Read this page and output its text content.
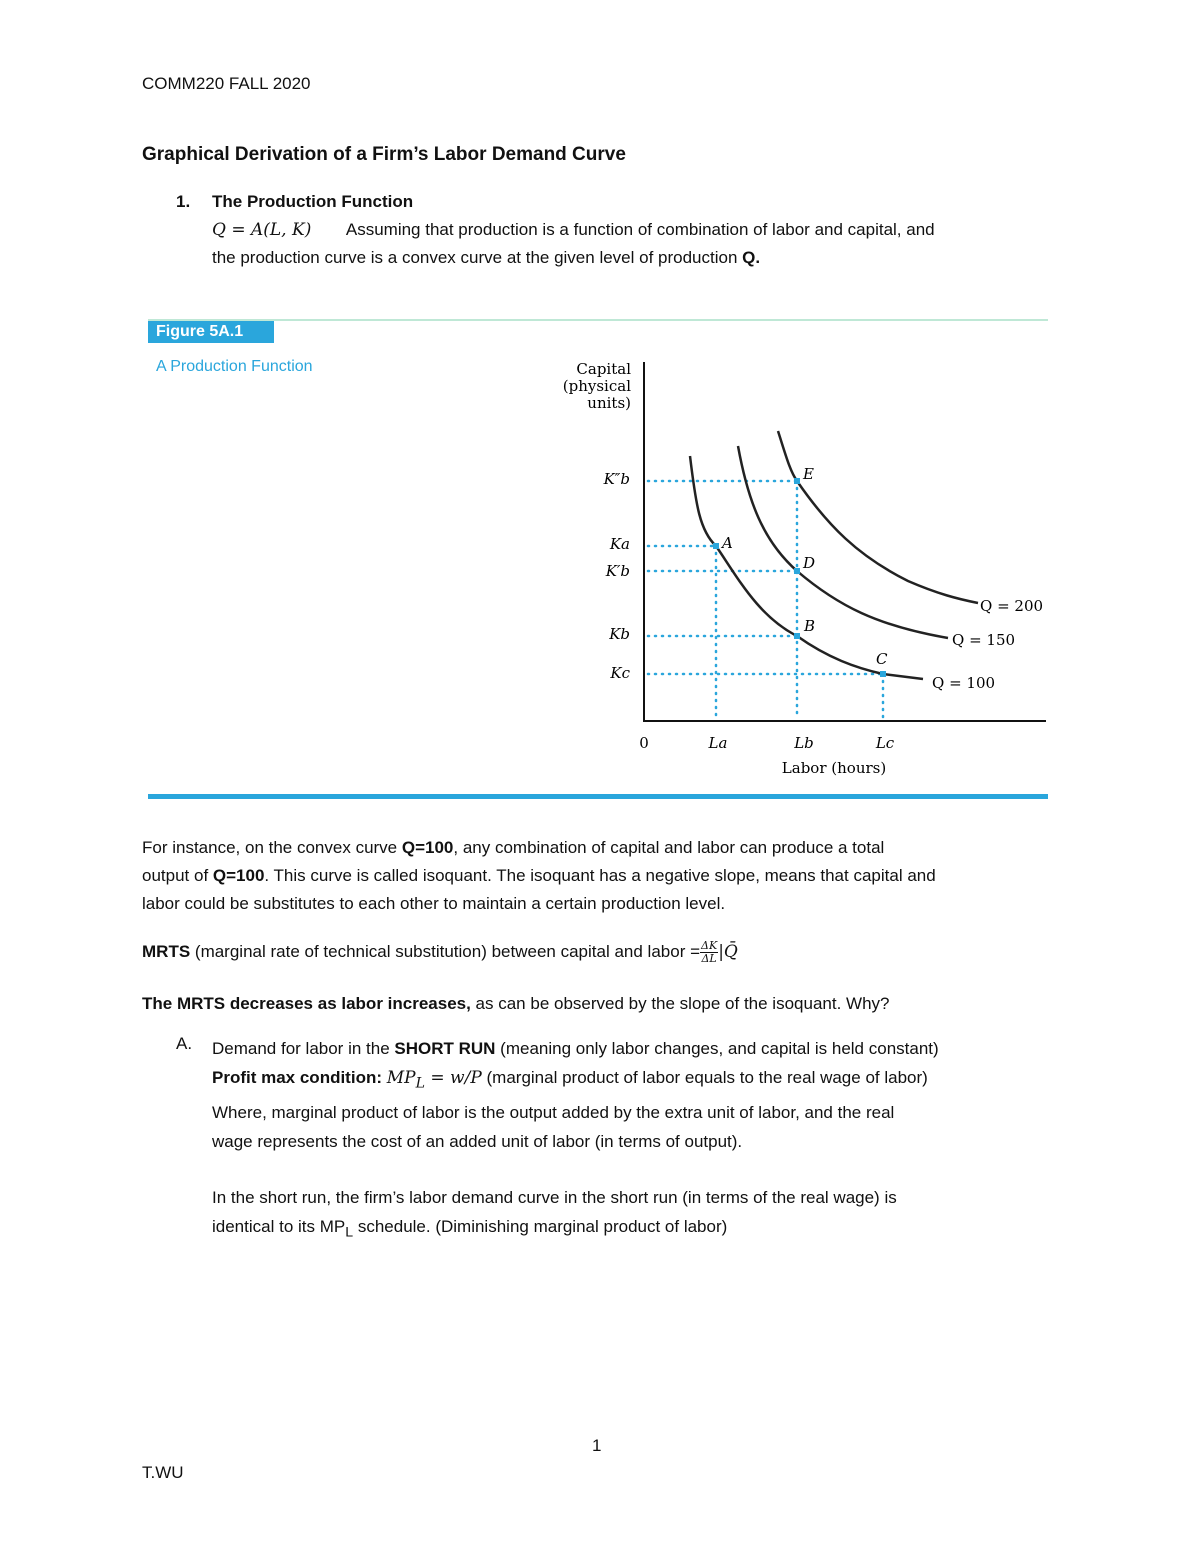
COMM220 FALL 2020
Graphical Derivation of a Firm’s Labor Demand Curve
1. The Production Function
Q = A(L, K) Assuming that production is a function of combination of labor and capital, and
the production curve is a convex curve at the given level of production Q.
Figure 5A.1
A Production Function	Capital
(physical
units)
A
B
C
D
E
K″b
Ka
K′b
Kb
Kc
0	La	Lb	Lc
Labor (hours)
Q = 200
Q = 150
Q = 100
For instance, on the convex curve Q=100, any combination of capital and labor can produce a total
output of Q=100. This curve is called isoquant. The isoquant has a negative slope, means that capital and
labor could be substitutes to each other to maintain a certain production level.
MRTS (marginal rate of technical substitution) between capital and labor = $\frac{\Delta K}{\Delta L}$ |Q̄
The MRTS decreases as labor increases, as can be observed by the slope of the isoquant. Why?
A. Demand for labor in the SHORT RUN (meaning only labor changes, and capital is held constant)
Profit max condition: $MP_L = w/P$ (marginal product of labor equals to the real wage of labor)
Where, marginal product of labor is the output added by the extra unit of labor, and the real
wage represents the cost of an added unit of labor (in terms of output).
In the short run, the firm’s labor demand curve in the short run (in terms of the real wage) is
identical to its $MP_L$ schedule. (Diminishing marginal product of labor)
1
T.WU
